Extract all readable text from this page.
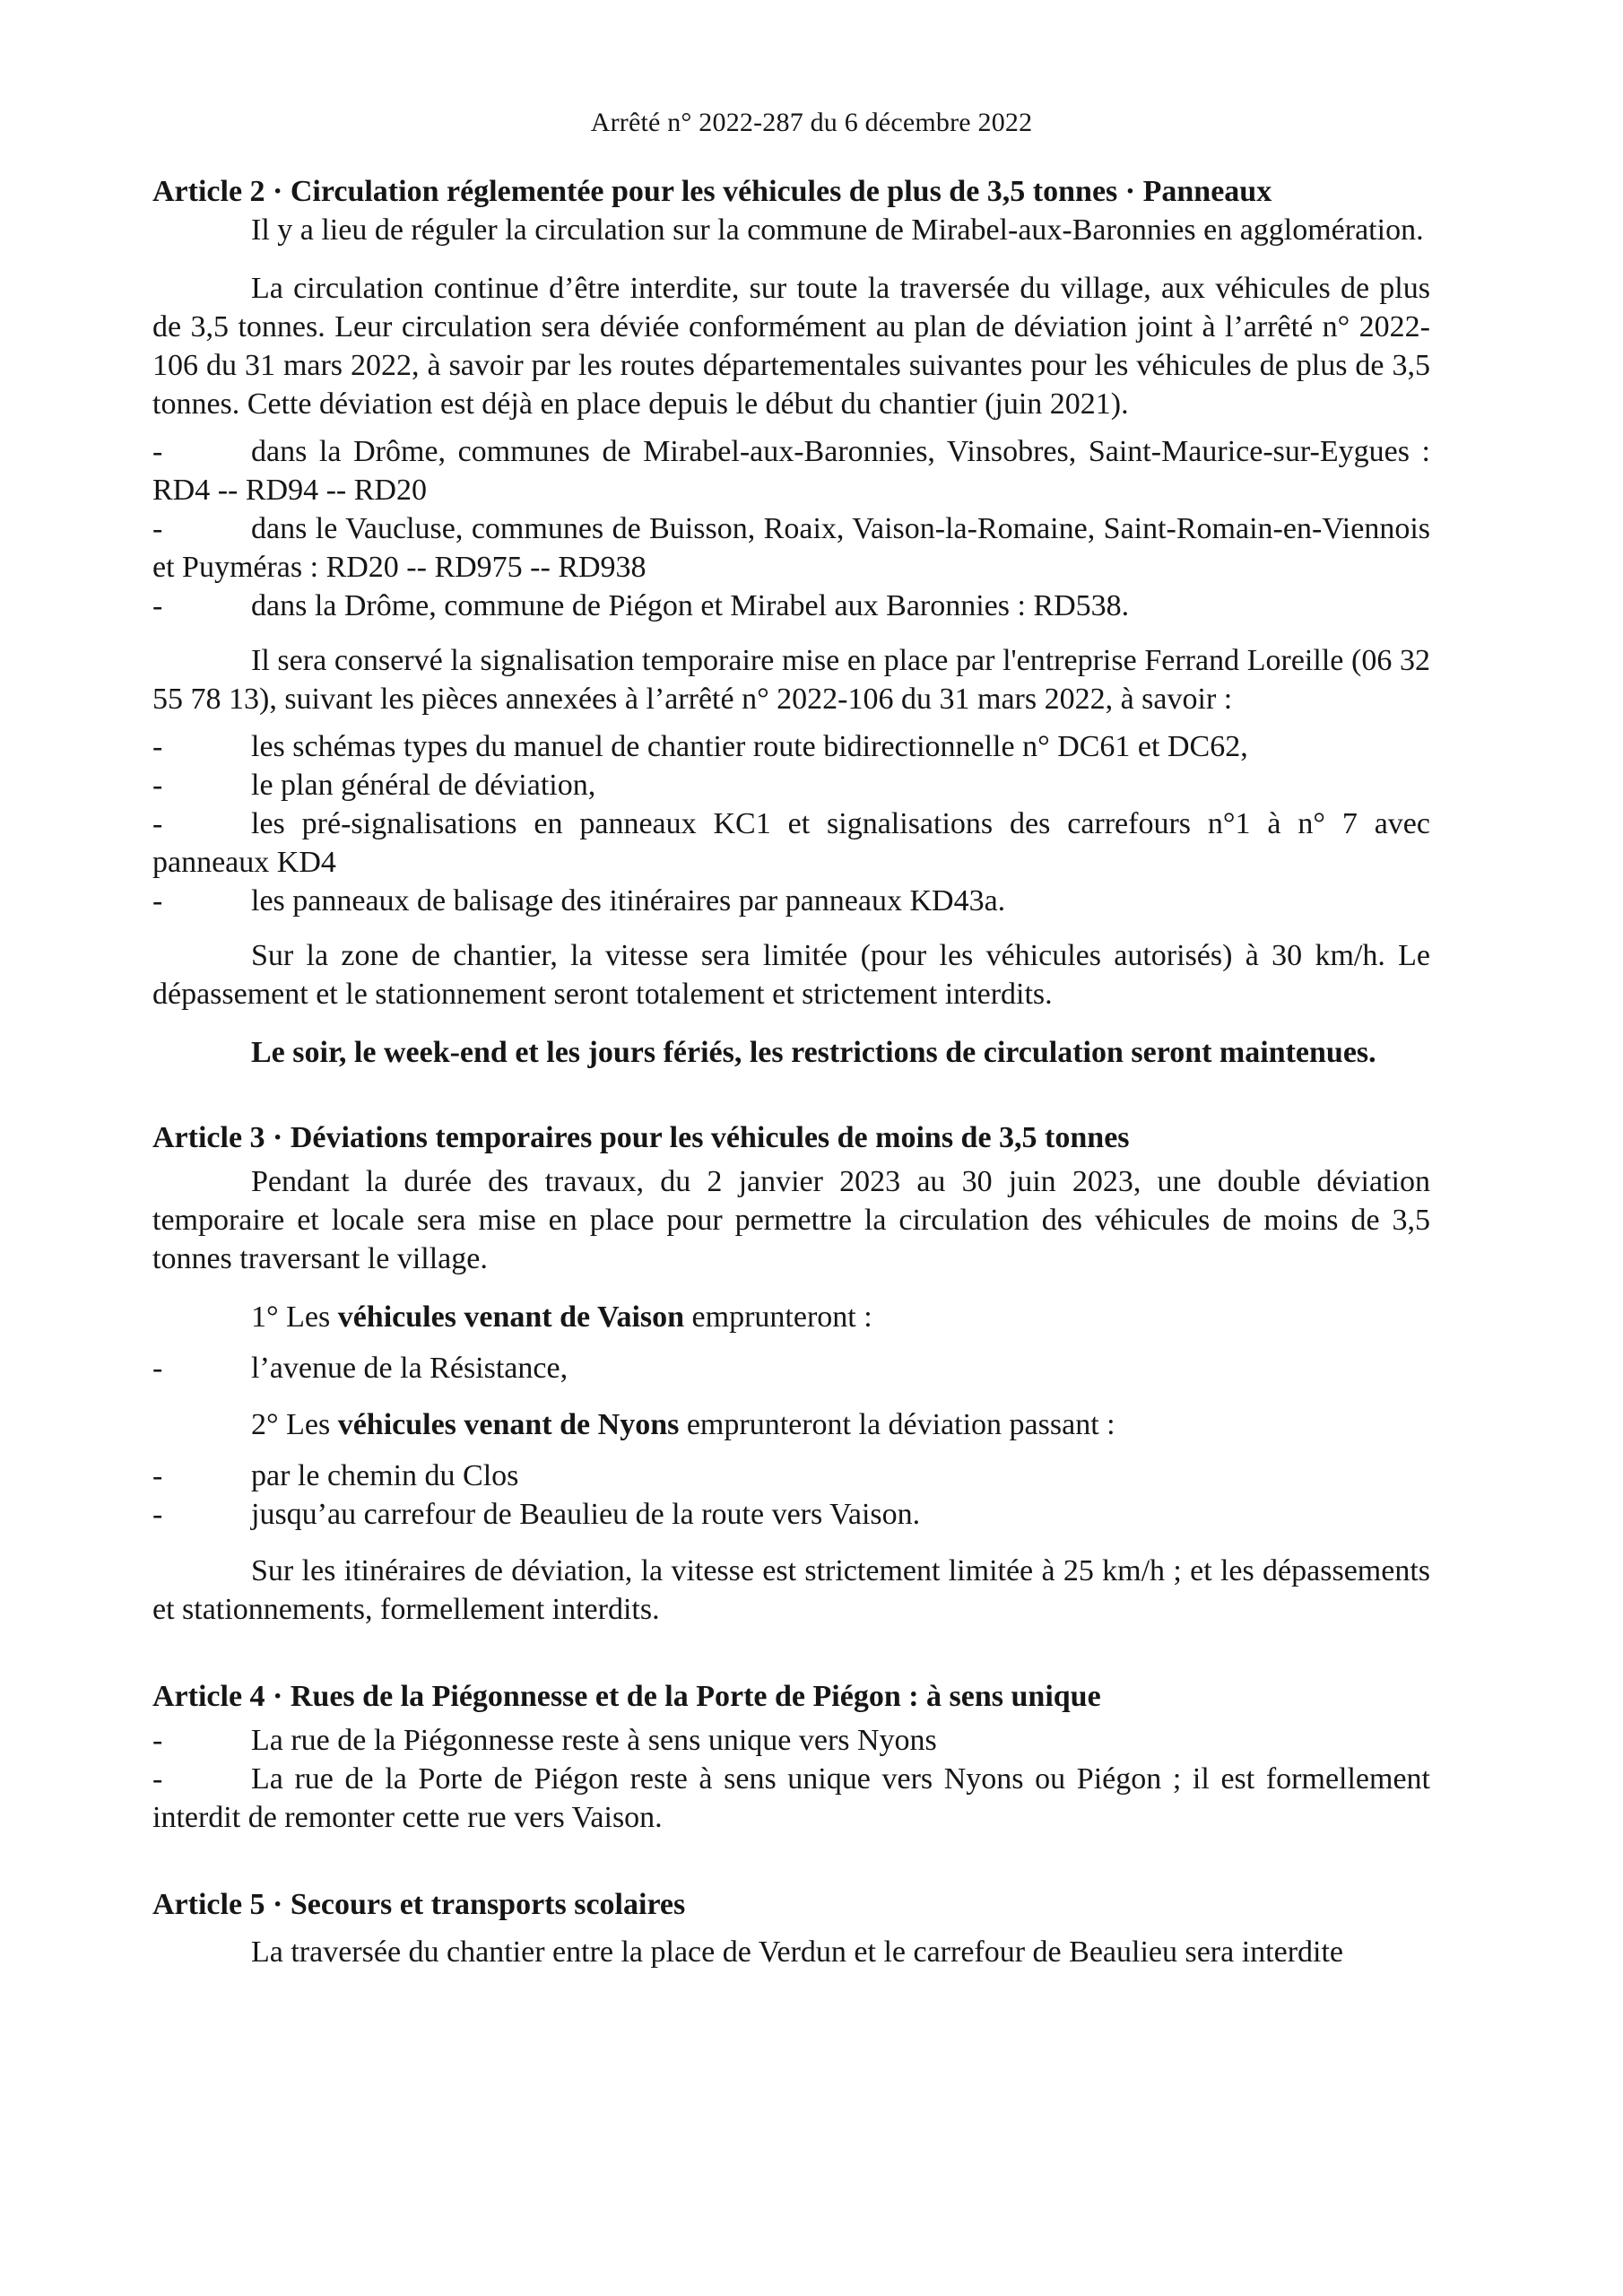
Arrêté n° 2022-287 du 6 décembre 2022

Article 2 · Circulation réglementée pour les véhicules de plus de 3,5 tonnes · Panneaux

Il y a lieu de réguler la circulation sur la commune de Mirabel-aux-Baronnies en agglomération.

La circulation continue d’être interdite, sur toute la traversée du village, aux véhicules de plus de 3,5 tonnes. Leur circulation sera déviée conformément au plan de déviation joint à l’arrêté n° 2022-106 du 31 mars 2022, à savoir par les routes départementales suivantes pour les véhicules de plus de 3,5 tonnes. Cette déviation est déjà en place depuis le début du chantier (juin 2021).

-	dans la Drôme, communes de Mirabel-aux-Baronnies, Vinsobres, Saint-Maurice-sur-Eygues : RD4 -- RD94 -- RD20
-	dans le Vaucluse, communes de Buisson, Roaix, Vaison-la-Romaine, Saint-Romain-en-Viennois et Puyméras : RD20 -- RD975 -- RD938
-	dans la Drôme, commune de Piégon et Mirabel aux Baronnies : RD538.

Il sera conservé la signalisation temporaire mise en place par l'entreprise Ferrand Loreille (06 32 55 78 13), suivant les pièces annexées à l’arrêté n° 2022-106 du 31 mars 2022, à savoir :

-	les schémas types du manuel de chantier route bidirectionnelle n° DC61 et DC62,
-	le plan général de déviation,
-	les pré-signalisations en panneaux KC1 et signalisations des carrefours n°1 à n° 7 avec panneaux KD4
-	les panneaux de balisage des itinéraires par panneaux KD43a.

Sur la zone de chantier, la vitesse sera limitée (pour les véhicules autorisés) à 30 km/h. Le dépassement et le stationnement seront totalement et strictement interdits.

Le soir, le week-end et les jours fériés, les restrictions de circulation seront maintenues.

Article 3 · Déviations temporaires pour les véhicules de moins de 3,5 tonnes

Pendant la durée des travaux, du 2 janvier 2023 au 30 juin 2023, une double déviation temporaire et locale sera mise en place pour permettre la circulation des véhicules de moins de 3,5 tonnes traversant le village.

1° Les véhicules venant de Vaison emprunteront :

-	l’avenue de la Résistance,

2° Les véhicules venant de Nyons emprunteront la déviation passant :

-	par le chemin du Clos
-	jusqu’au carrefour de Beaulieu de la route vers Vaison.

Sur les itinéraires de déviation, la vitesse est strictement limitée à 25 km/h ; et les dépassements et stationnements, formellement interdits.

Article 4 · Rues de la Piégonnesse et de la Porte de Piégon : à sens unique

-	La rue de la Piégonnesse reste à sens unique vers Nyons
-	La rue de la Porte de Piégon reste à sens unique vers Nyons ou Piégon ; il est formellement interdit de remonter cette rue vers Vaison.

Article 5 · Secours et transports scolaires

La traversée du chantier entre la place de Verdun et le carrefour de Beaulieu sera interdite
